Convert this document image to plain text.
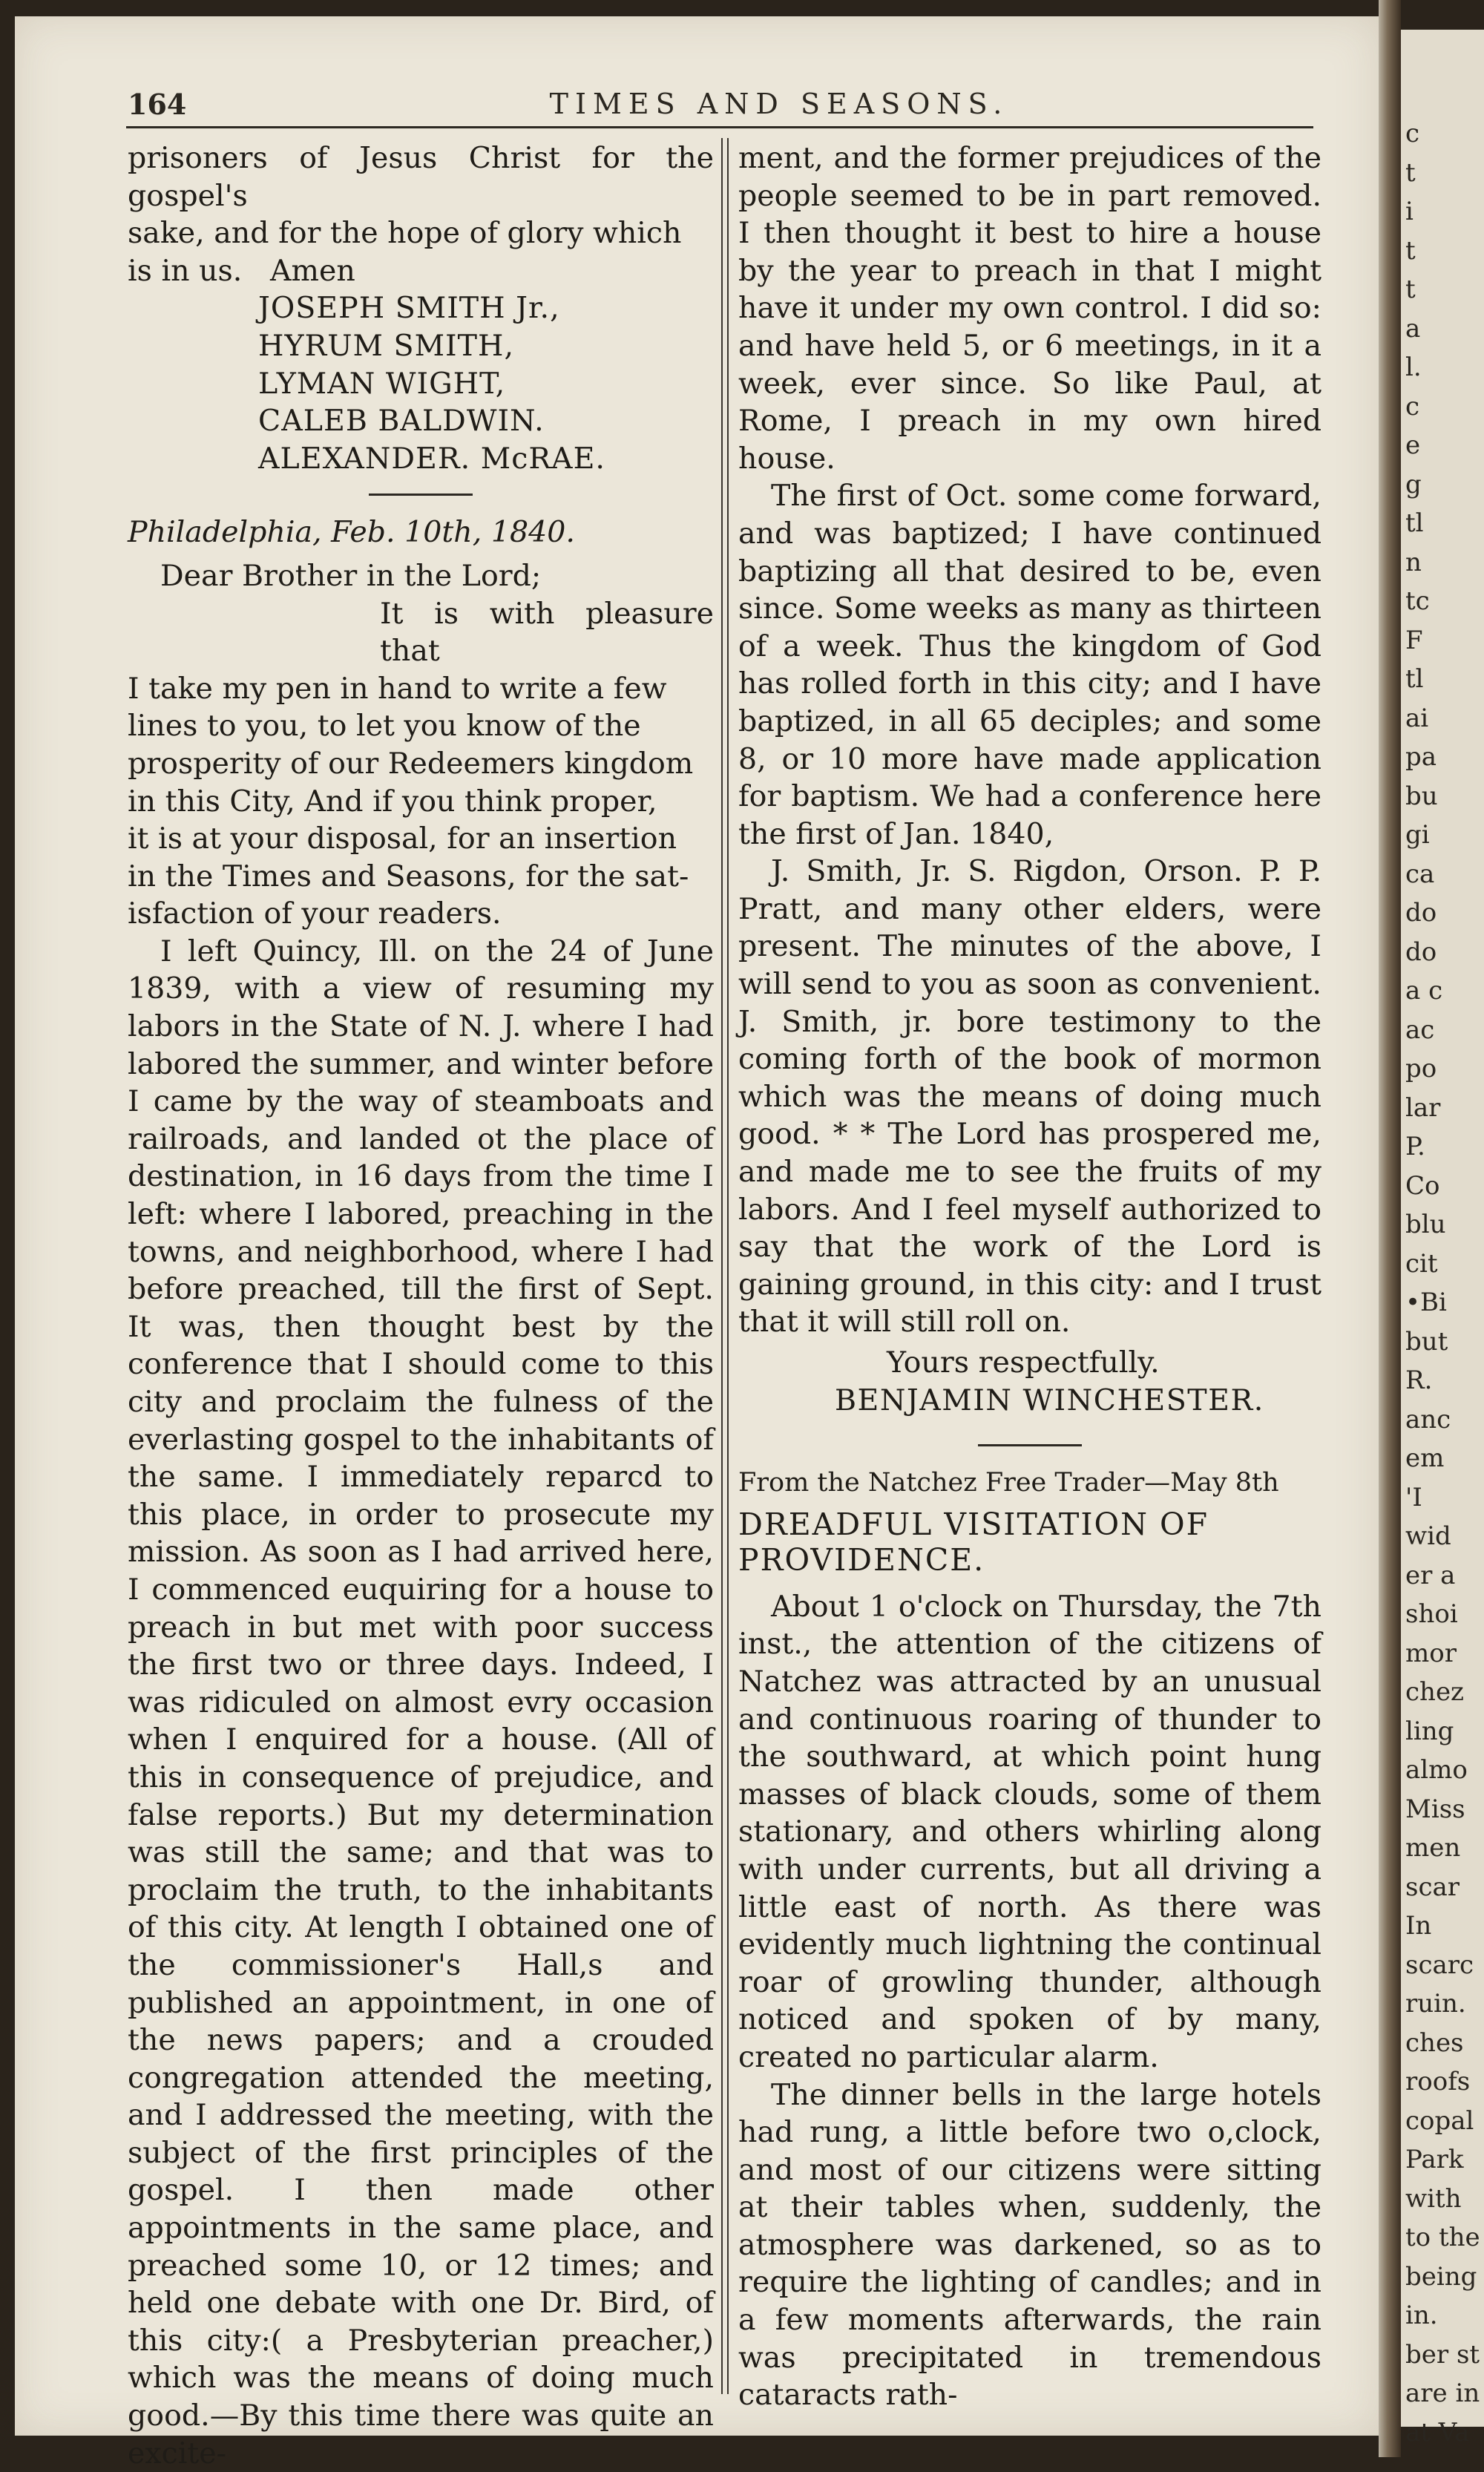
c
t
i
t
t
a
l.
c
e
g
tl
n
tc
F
tl
ai
pa
bu
gi
ca
do
do
a c
ac
po
lar
P.
Co
blu
cit
•Bi
but
R.
anc
em
'I
wid
er a
shoi
mor
chez
ling
almo
Miss
men
scar
In
scarc
ruin.
ches
roofs
copal
Park
with
to the
being
in.
ber st
are in
at Va
164	TIMES AND SEASONS.

prisoners of Jesus Christ for the gospel's

sake, and for the hope of glory which

is in us.   Amen

JOSEPH SMITH Jr.,

HYRUM SMITH,

LYMAN WIGHT,

CALEB BALDWIN.

ALEXANDER. McRAE.

Philadelphia, Feb. 10th, 1840.

Dear Brother in the Lord;

It is with pleasure that

I take my pen in hand to write a few

lines to you, to let you know of the

prosperity of our Redeemers kingdom

in this City, And if you think proper,

it is at your disposal, for an insertion

in the Times and Seasons, for the sat-

isfaction of your readers.

I left Quincy, Ill. on the 24 of June 1839, with a view of resuming my labors in the State of N. J. where I had labored the summer, and winter before I came by the way of steamboats and railroads, and landed ot the place of destination, in 16 days from the time I left: where I labored, preaching in the towns, and neighborhood, where I had before preached, till the first of Sept. It was, then thought best by the conference that I should come to this city and proclaim the fulness of the everlasting gospel to the inhabitants of the same. I immediately reparcd to this place, in order to prosecute my mission. As soon as I had arrived here, I commenced euquiring for a house to preach in but met with poor success the first two or three days. Indeed, I was ridiculed on almost evry occasion when I enquired for a house. (All of this in consequence of prejudice, and false reports.) But my determination was still the same; and that was to proclaim the truth, to the inhabitants of this city. At length I obtained one of the commissioner's Hall,s and published an appointment, in one of the news papers; and a crouded congregation attended the meeting, and I addressed the meeting, with the subject of the first principles of the gospel. I then made other appointments in the same place, and preached some 10, or 12 times; and held one debate with one Dr. Bird, of this city:( a Presbyterian preacher,) which was the means of doing much good.—By this time there was quite an excite-

ment, and the former prejudices of the people seemed to be in part removed. I then thought it best to hire a house by the year to preach in that I might have it under my own control. I did so: and have held 5, or 6 meetings, in it a week, ever since. So like Paul, at Rome, I preach in my own hired house.

The first of Oct. some come forward, and was baptized; I have continued baptizing all that desired to be, even since. Some weeks as many as thirteen of a week. Thus the kingdom of God has rolled forth in this city; and I have baptized, in all 65 deciples; and some 8, or 10 more have made application for baptism. We had a conference here the first of Jan. 1840,

J. Smith, Jr. S. Rigdon, Orson. P. P. Pratt, and many other elders, were present. The minutes of the above, I will send to you as soon as convenient. J. Smith, jr. bore testimony to the coming forth of the book of mormon which was the means of doing much good. * * The Lord has prospered me, and made me to see the fruits of my labors. And I feel myself authorized to say that the work of the Lord is gaining ground, in this city: and I trust that it will still roll on.

Yours respectfully.

BENJAMIN WINCHESTER.

From the Natchez Free Trader—May 8th

DREADFUL VISITATION OF

PROVIDENCE.

About 1 o'clock on Thursday, the 7th inst., the attention of the citizens of Natchez was attracted by an unusual and continuous roaring of thunder to the southward, at which point hung masses of black clouds, some of them stationary, and others whirling along with under currents, but all driving a little east of north. As there was evidently much lightning the continual roar of growling thunder, although noticed and spoken of by many, created no particular alarm.

The dinner bells in the large hotels had rung, a little before two o,clock, and most of our citizens were sitting at their tables when, suddenly, the atmosphere was darkened, so as to require the lighting of candles; and in a few moments afterwards, the rain was precipitated in tremendous cataracts rath-
